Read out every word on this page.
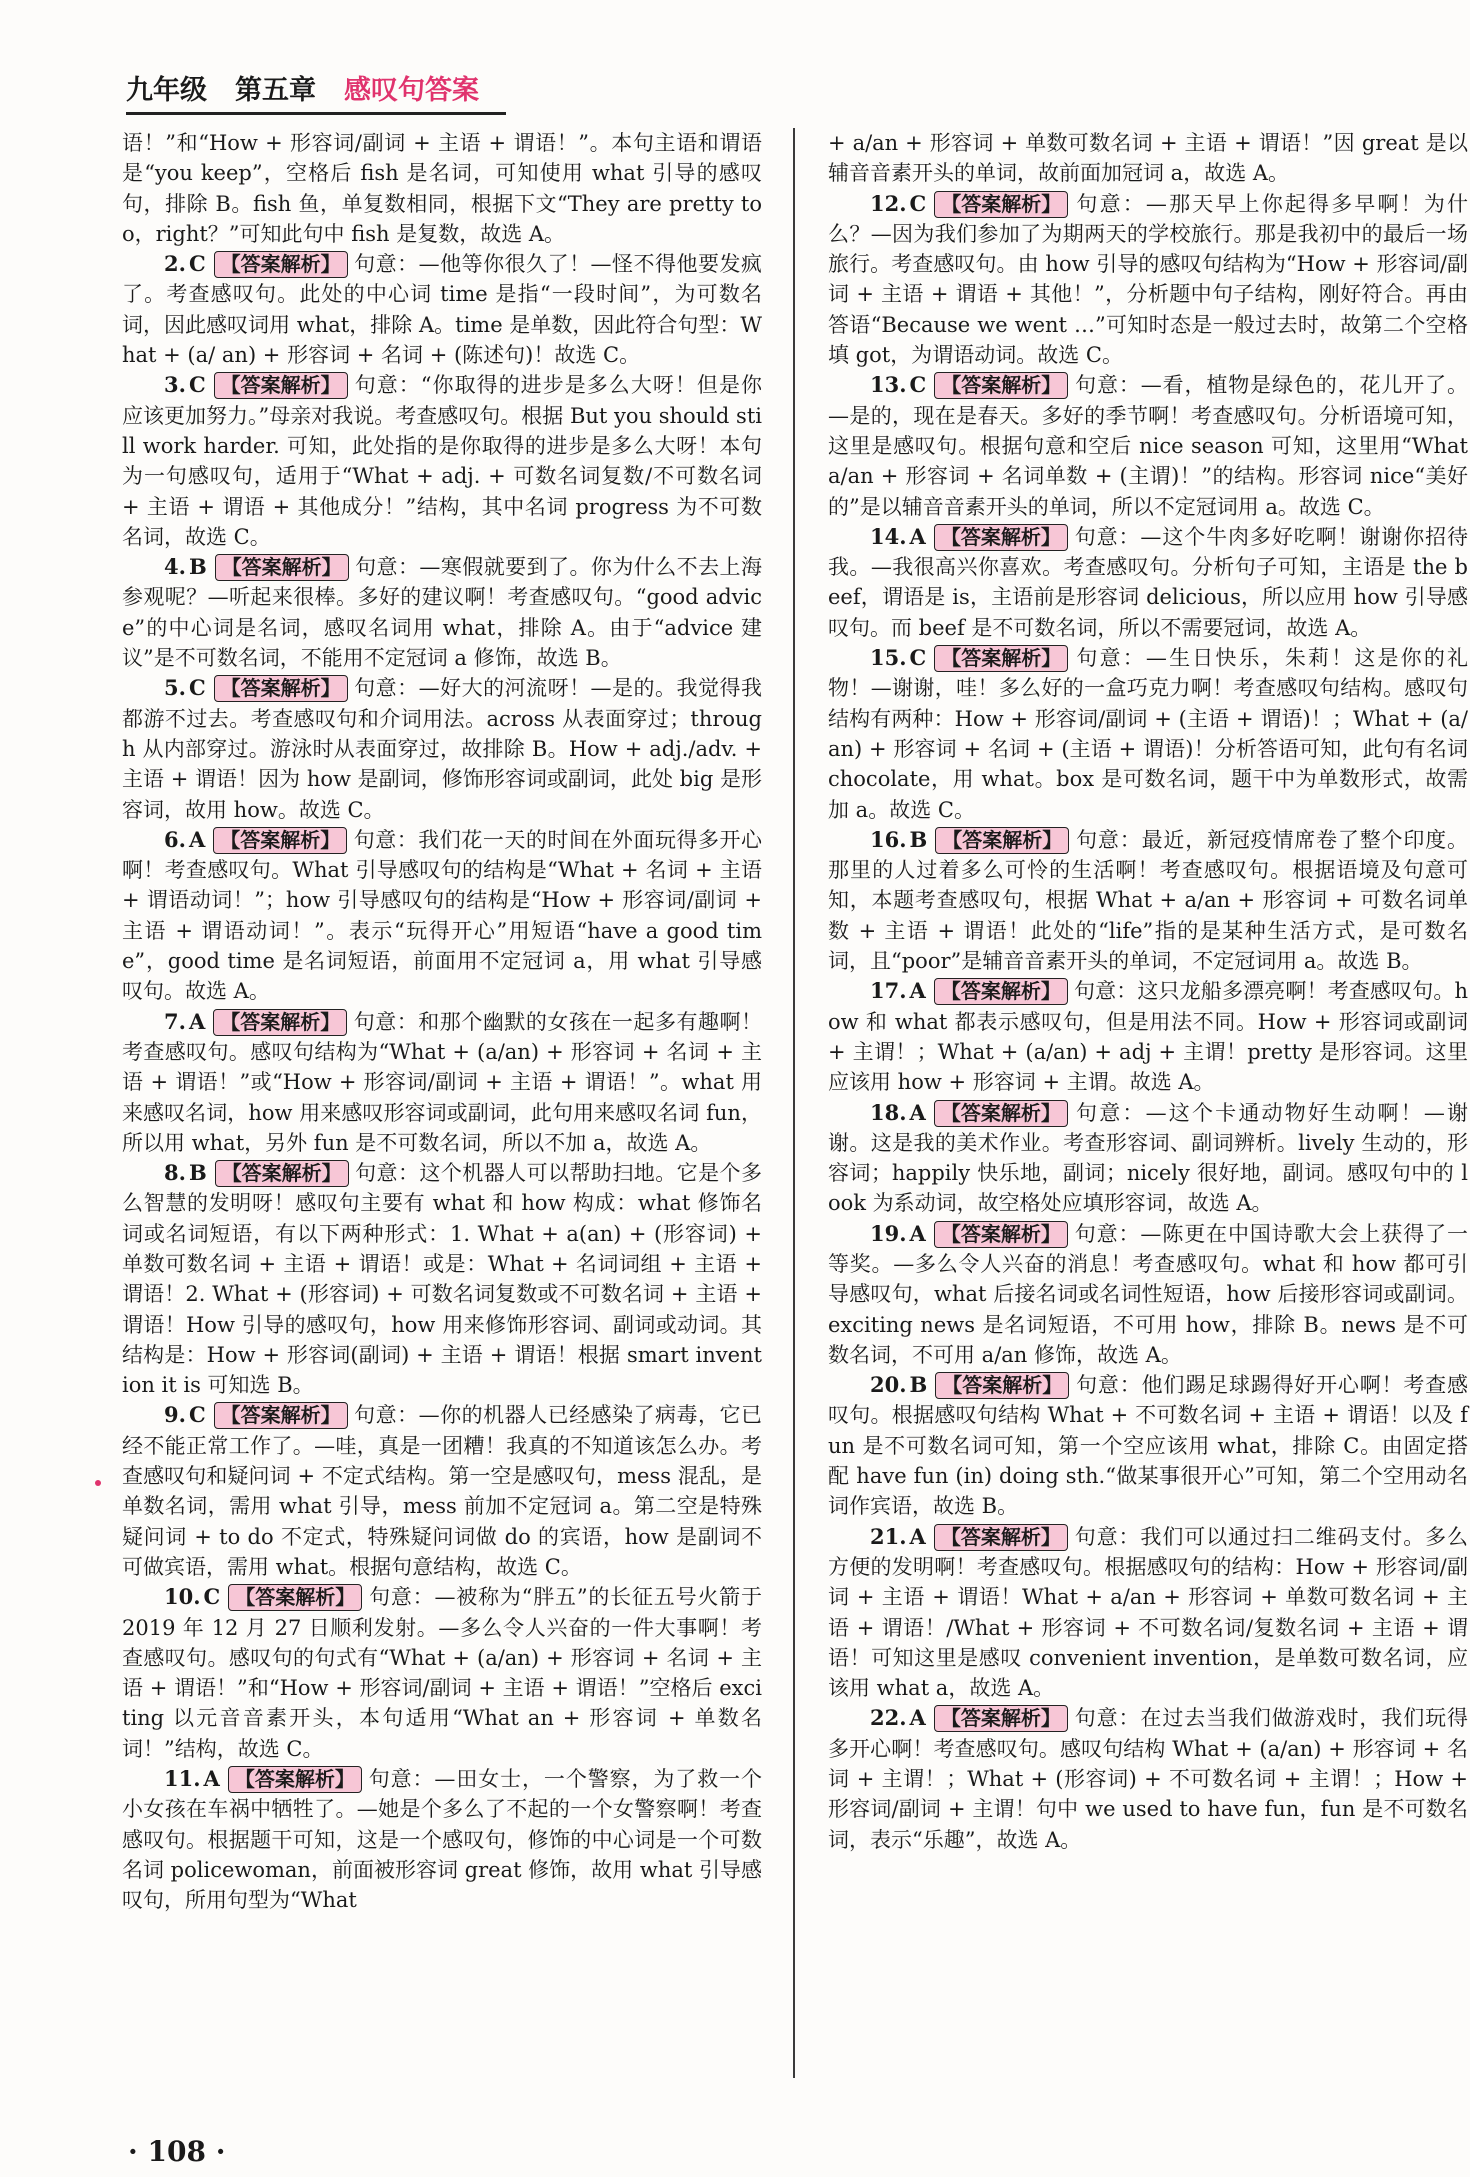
九年级 第五章 感叹句答案

语！”和“How + 形容词/副词 + 主语 + 谓语！”。本句主语和谓语是“you keep”，空格后 fish 是名词，可知使用 what 引导的感叹句，排除 B。fish 鱼，单复数相同，根据下文“They are pretty too，right？”可知此句中 fish 是复数，故选 A。

2. C 【答案解析】 句意：—他等你很久了！—怪不得他要发疯了。考查感叹句。此处的中心词 time 是指“一段时间”，为可数名词，因此感叹词用 what，排除 A。time 是单数，因此符合句型：What + (a/ an) + 形容词 + 名词 + (陈述句)！故选 C。

3. C 【答案解析】 句意：“你取得的进步是多么大呀！但是你应该更加努力。”母亲对我说。考查感叹句。根据 But you should still work harder. 可知，此处指的是你取得的进步是多么大呀！本句为一句感叹句，适用于“What + adj. + 可数名词复数/不可数名词 + 主语 + 谓语 + 其他成分！”结构，其中名词 progress 为不可数名词，故选 C。

4. B 【答案解析】 句意：—寒假就要到了。你为什么不去上海参观呢？—听起来很棒。多好的建议啊！考查感叹句。“good advice”的中心词是名词，感叹名词用 what，排除 A。由于“advice 建议”是不可数名词，不能用不定冠词 a 修饰，故选 B。

5. C 【答案解析】 句意：—好大的河流呀！—是的。我觉得我都游不过去。考查感叹句和介词用法。across 从表面穿过；through 从内部穿过。游泳时从表面穿过，故排除 B。How + adj./adv. + 主语 + 谓语！因为 how 是副词，修饰形容词或副词，此处 big 是形容词，故用 how。故选 C。

6. A 【答案解析】 句意：我们花一天的时间在外面玩得多开心啊！考查感叹句。What 引导感叹句的结构是“What + 名词 + 主语 + 谓语动词！”；how 引导感叹句的结构是“How + 形容词/副词 + 主语 + 谓语动词！”。表示“玩得开心”用短语“have a good time”，good time 是名词短语，前面用不定冠词 a，用 what 引导感叹句。故选 A。

7. A 【答案解析】 句意：和那个幽默的女孩在一起多有趣啊！考查感叹句。感叹句结构为“What + (a/an) + 形容词 + 名词 + 主语 + 谓语！”或“How + 形容词/副词 + 主语 + 谓语！”。what 用来感叹名词，how 用来感叹形容词或副词，此句用来感叹名词 fun，所以用 what，另外 fun 是不可数名词，所以不加 a，故选 A。

8. B 【答案解析】 句意：这个机器人可以帮助扫地。它是个多么智慧的发明呀！感叹句主要有 what 和 how 构成：what 修饰名词或名词短语，有以下两种形式：1. What + a(an) + (形容词) + 单数可数名词 + 主语 + 谓语！或是：What + 名词词组 + 主语 + 谓语！2. What + (形容词) + 可数名词复数或不可数名词 + 主语 + 谓语！How 引导的感叹句，how 用来修饰形容词、副词或动词。其结构是：How + 形容词(副词) + 主语 + 谓语！根据 smart invention it is 可知选 B。

9. C 【答案解析】 句意：—你的机器人已经感染了病毒，它已经不能正常工作了。—哇，真是一团糟！我真的不知道该怎么办。考查感叹句和疑问词 + 不定式结构。第一空是感叹句，mess 混乱，是单数名词，需用 what 引导，mess 前加不定冠词 a。第二空是特殊疑问词 + to do 不定式，特殊疑问词做 do 的宾语，how 是副词不可做宾语，需用 what。根据句意结构，故选 C。

10. C 【答案解析】 句意：—被称为“胖五”的长征五号火箭于 2019 年 12 月 27 日顺利发射。—多么令人兴奋的一件大事啊！考查感叹句。感叹句的句式有“What + (a/an) + 形容词 + 名词 + 主语 + 谓语！”和“How + 形容词/副词 + 主语 + 谓语！”空格后 exciting 以元音音素开头，本句适用“What an + 形容词 + 单数名词！”结构，故选 C。

11. A 【答案解析】 句意：—田女士，一个警察，为了救一个小女孩在车祸中牺牲了。—她是个多么了不起的一个女警察啊！考查感叹句。根据题干可知，这是一个感叹句，修饰的中心词是一个可数名词 policewoman，前面被形容词 great 修饰，故用 what 引导感叹句，所用句型为“What

+ a/an + 形容词 + 单数可数名词 + 主语 + 谓语！”因 great 是以辅音音素开头的单词，故前面加冠词 a，故选 A。

12. C 【答案解析】 句意：—那天早上你起得多早啊！为什么？—因为我们参加了为期两天的学校旅行。那是我初中的最后一场旅行。考查感叹句。由 how 引导的感叹句结构为“How + 形容词/副词 + 主语 + 谓语 + 其他！”，分析题中句子结构，刚好符合。再由答语“Because we went …”可知时态是一般过去时，故第二个空格填 got，为谓语动词。故选 C。

13. C 【答案解析】 句意：—看，植物是绿色的，花儿开了。—是的，现在是春天。多好的季节啊！考查感叹句。分析语境可知，这里是感叹句。根据句意和空后 nice season 可知，这里用“What a/an + 形容词 + 名词单数 + (主谓)！”的结构。形容词 nice“美好的”是以辅音音素开头的单词，所以不定冠词用 a。故选 C。

14. A 【答案解析】 句意：—这个牛肉多好吃啊！谢谢你招待我。—我很高兴你喜欢。考查感叹句。分析句子可知，主语是 the beef，谓语是 is，主语前是形容词 delicious，所以应用 how 引导感叹句。而 beef 是不可数名词，所以不需要冠词，故选 A。

15. C 【答案解析】 句意：—生日快乐，朱莉！这是你的礼物！—谢谢，哇！多么好的一盒巧克力啊！考查感叹句结构。感叹句结构有两种：How + 形容词/副词 + (主语 + 谓语)！；What + (a/an) + 形容词 + 名词 + (主语 + 谓语)！分析答语可知，此句有名词 chocolate，用 what。box 是可数名词，题干中为单数形式，故需加 a。故选 C。

16. B 【答案解析】 句意：最近，新冠疫情席卷了整个印度。那里的人过着多么可怜的生活啊！考查感叹句。根据语境及句意可知，本题考查感叹句，根据 What + a/an + 形容词 + 可数名词单数 + 主语 + 谓语！此处的“life”指的是某种生活方式，是可数名词，且“poor”是辅音音素开头的单词，不定冠词用 a。故选 B。

17. A 【答案解析】 句意：这只龙船多漂亮啊！考查感叹句。how 和 what 都表示感叹句，但是用法不同。How + 形容词或副词 + 主谓！；What + (a/an) + adj + 主谓！pretty 是形容词。这里应该用 how + 形容词 + 主谓。故选 A。

18. A 【答案解析】 句意：—这个卡通动物好生动啊！—谢谢。这是我的美术作业。考查形容词、副词辨析。lively 生动的，形容词；happily 快乐地，副词；nicely 很好地，副词。感叹句中的 look 为系动词，故空格处应填形容词，故选 A。

19. A 【答案解析】 句意：—陈更在中国诗歌大会上获得了一等奖。—多么令人兴奋的消息！考查感叹句。what 和 how 都可引导感叹句，what 后接名词或名词性短语，how 后接形容词或副词。exciting news 是名词短语，不可用 how，排除 B。news 是不可数名词，不可用 a/an 修饰，故选 A。

20. B 【答案解析】 句意：他们踢足球踢得好开心啊！考查感叹句。根据感叹句结构 What + 不可数名词 + 主语 + 谓语！以及 fun 是不可数名词可知，第一个空应该用 what，排除 C。由固定搭配 have fun (in) doing sth.“做某事很开心”可知，第二个空用动名词作宾语，故选 B。

21. A 【答案解析】 句意：我们可以通过扫二维码支付。多么方便的发明啊！考查感叹句。根据感叹句的结构：How + 形容词/副词 + 主语 + 谓语！What + a/an + 形容词 + 单数可数名词 + 主语 + 谓语！/What + 形容词 + 不可数名词/复数名词 + 主语 + 谓语！可知这里是感叹 convenient invention，是单数可数名词，应该用 what a，故选 A。

22. A 【答案解析】 句意：在过去当我们做游戏时，我们玩得多开心啊！考查感叹句。感叹句结构 What + (a/an) + 形容词 + 名词 + 主谓！；What + (形容词) + 不可数名词 + 主谓！；How + 形容词/副词 + 主谓！句中 we used to have fun，fun 是不可数名词，表示“乐趣”，故选 A。

· 108 ·
